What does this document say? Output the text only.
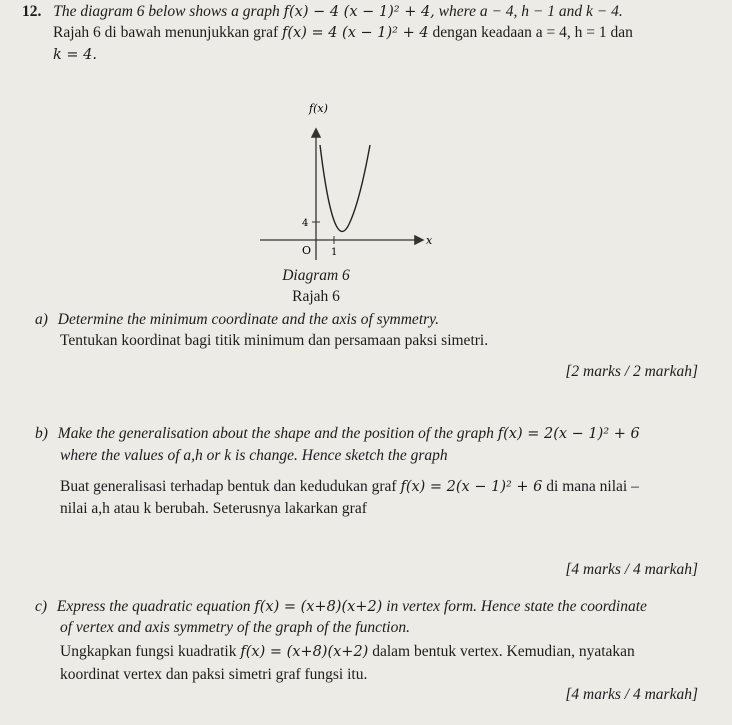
12. The diagram 6 below shows a graph f(x) − 4 (x − 1)² + 4, where a − 4, h − 1 and k − 4.
Rajah 6 di bawah menunjukkan graf f(x) = 4 (x − 1)² + 4 dengan keadaan a = 4, h = 1 dan
k = 4.
f(x)
x
O
4
1
Diagram 6
Rajah 6
a) Determine the minimum coordinate and the axis of symmetry.
Tentukan koordinat bagi titik minimum dan persamaan paksi simetri.
[2 marks / 2 markah]
b) Make the generalisation about the shape and the position of the graph f(x) = 2(x − 1)² + 6
where the values of a,h or k is change. Hence sketch the graph
Buat generalisasi terhadap bentuk dan kedudukan graf f(x) = 2(x − 1)² + 6 di mana nilai –
nilai a,h atau k berubah. Seterusnya lakarkan graf
[4 marks / 4 markah]
c) Express the quadratic equation f(x) = (x+8)(x+2) in vertex form. Hence state the coordinate
of vertex and axis symmetry of the graph of the function.
Ungkapkan fungsi kuadratik f(x) = (x+8)(x+2) dalam bentuk vertex. Kemudian, nyatakan
koordinat vertex dan paksi simetri graf fungsi itu.
[4 marks / 4 markah]
